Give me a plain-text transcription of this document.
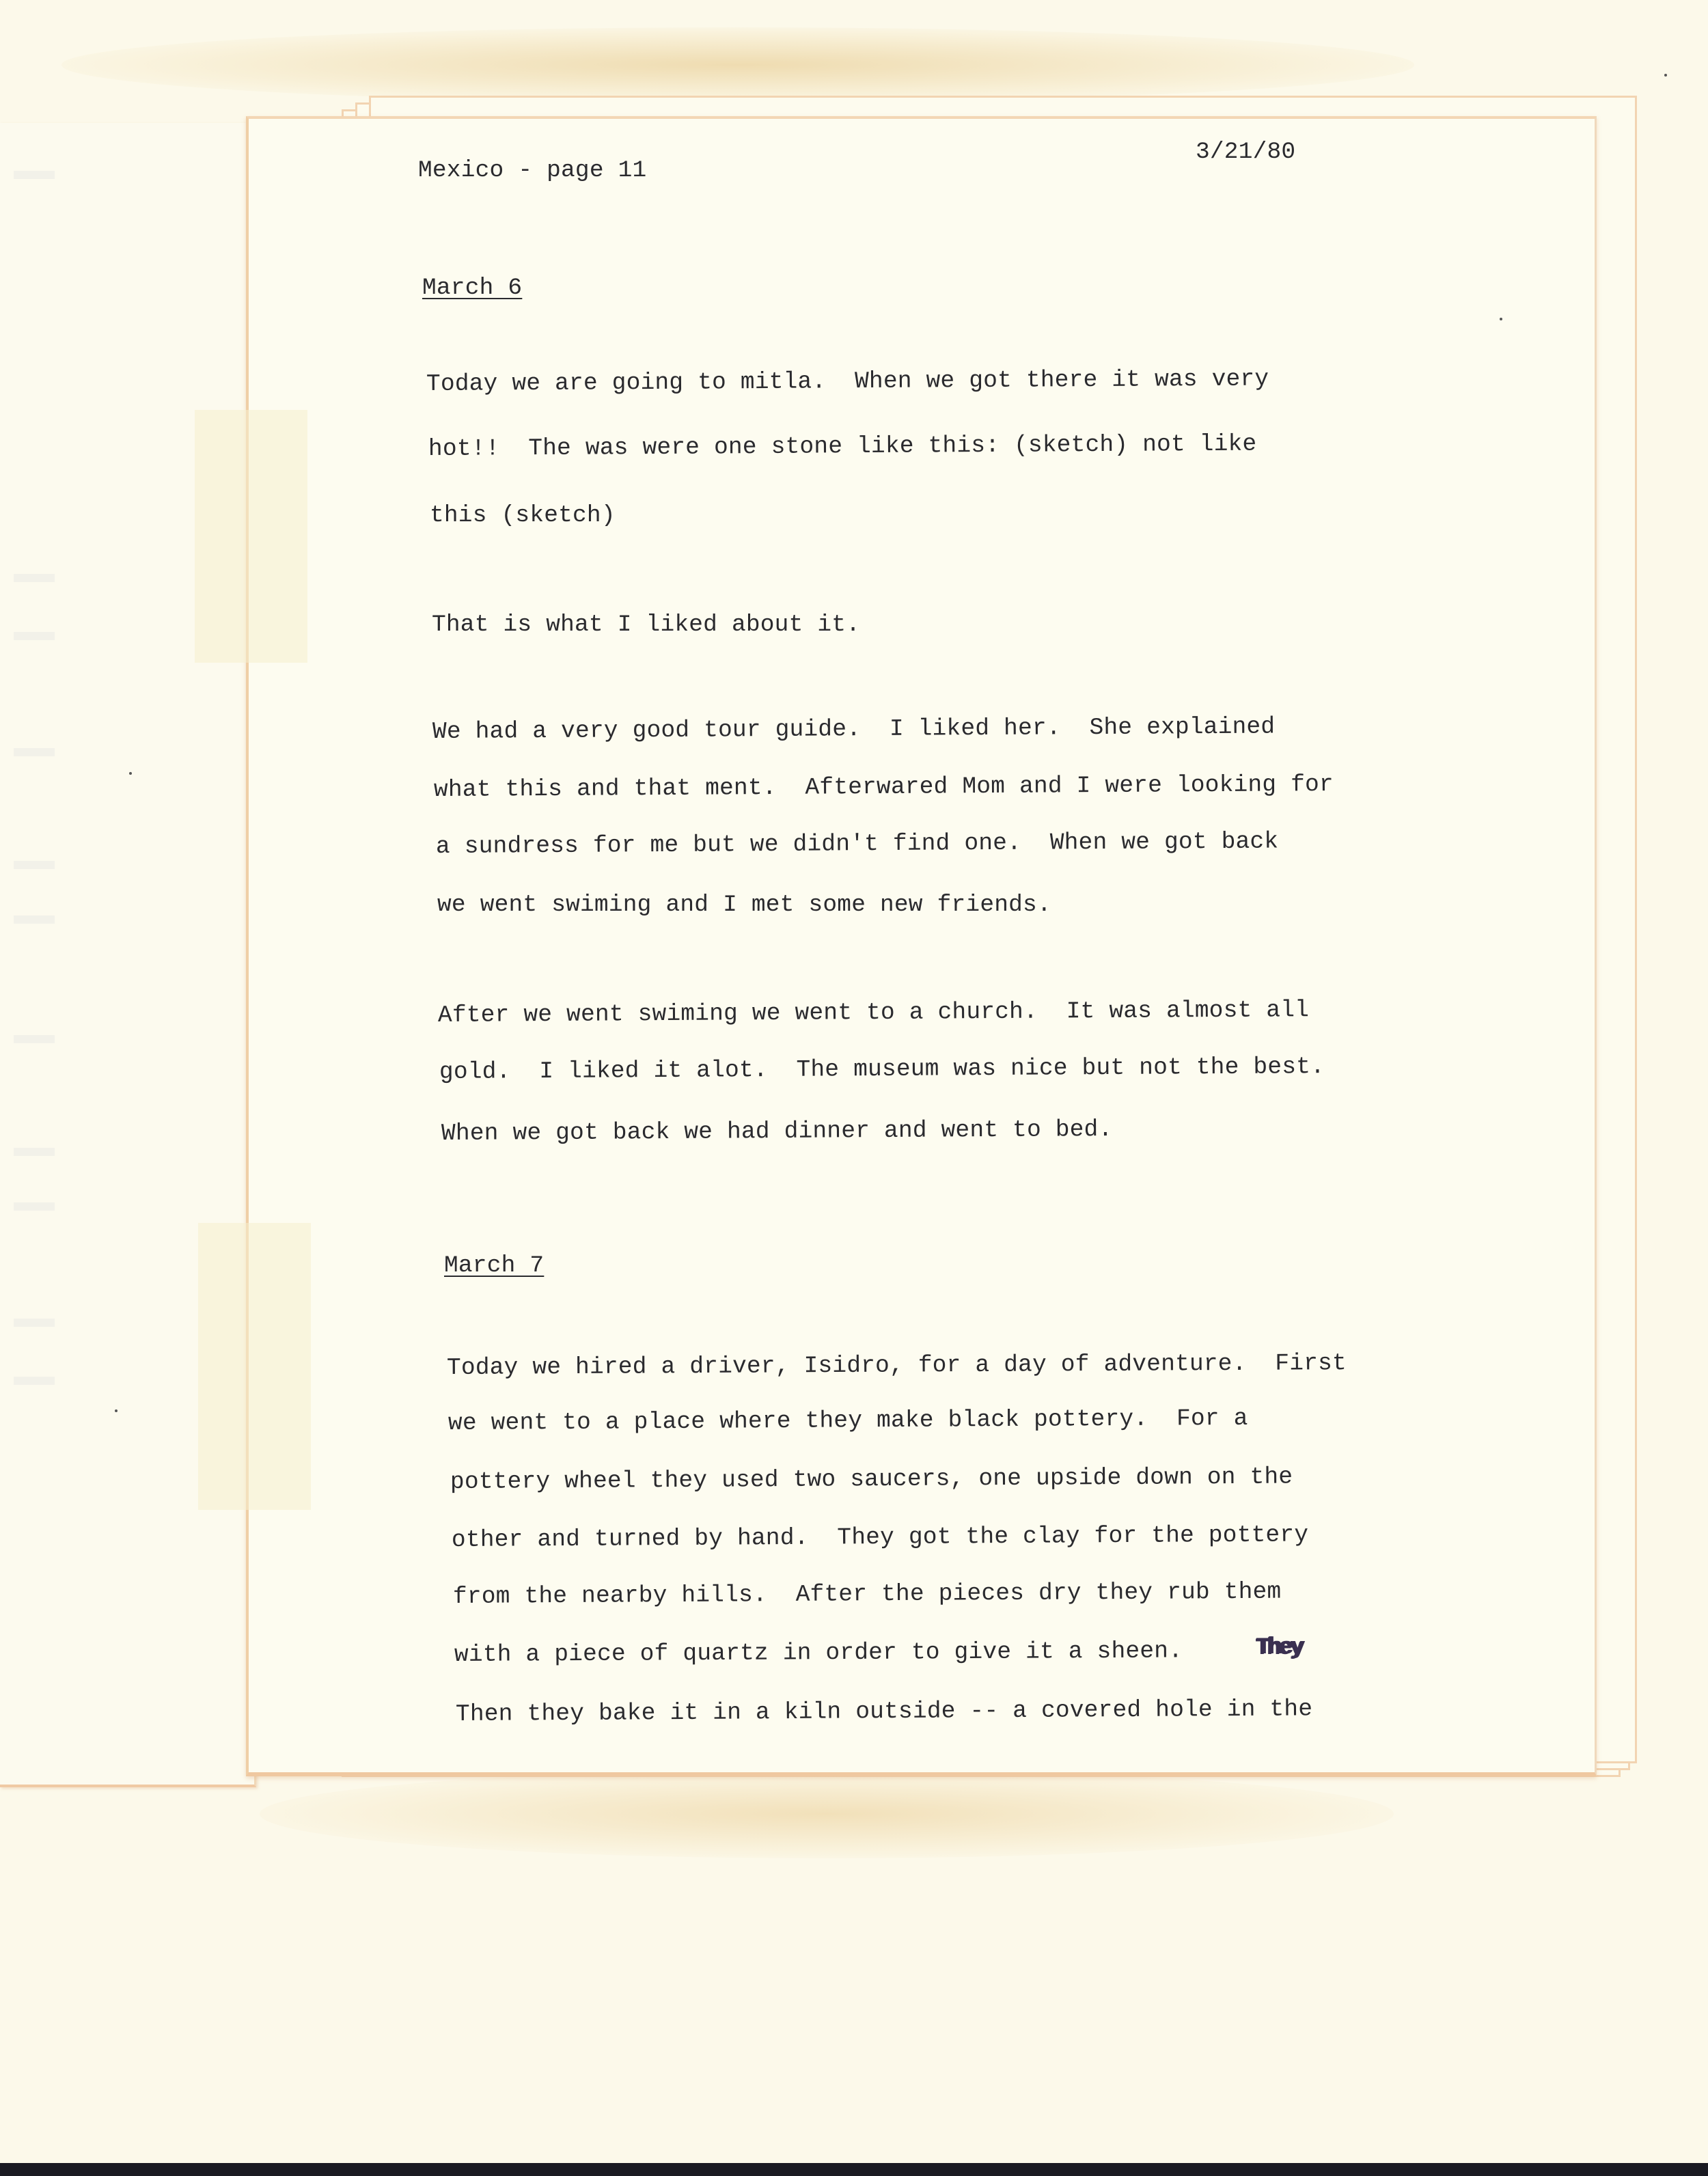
Mexico - page 11
3/21/80
March 6
Today we are going to mitla.  When we got there it was very
hot!!  The was were one stone like this: (sketch) not like
this (sketch)
That is what I liked about it.
We had a very good tour guide.  I liked her.  She explained
what this and that ment.  Afterwared Mom and I were looking for
a sundress for me but we didn't find one.  When we got back
we went swiming and I met some new friends.
After we went swiming we went to a church.  It was almost all
gold.  I liked it alot.  The museum was nice but not the best.
When we got back we had dinner and went to bed.
March 7
Today we hired a driver, Isidro, for a day of adventure.  First
we went to a place where they make black pottery.  For a
pottery wheel they used two saucers, one upside down on the
other and turned by hand.  They got the clay for the pottery
from the nearby hills.  After the pieces dry they rub them
with a piece of quartz in order to give it a sheen.	They
Then they bake it in a kiln outside -- a covered hole in the
